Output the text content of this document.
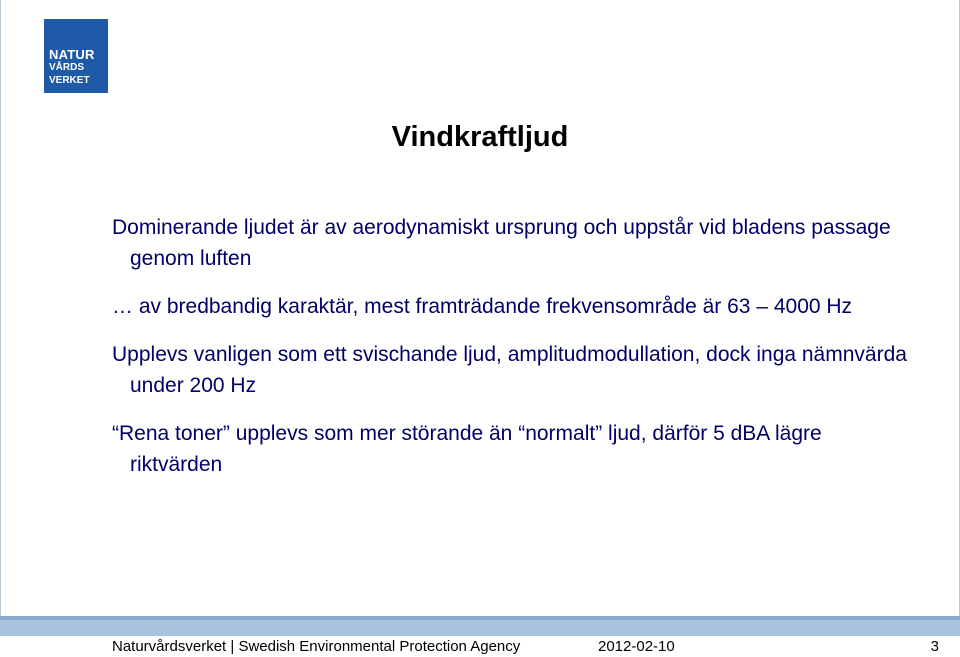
NATUR
VÅRDS
VERKET
Vindkraftljud
Dominerande ljudet är av aerodynamiskt ursprung och uppstår vid bladens passage genom luften
… av bredbandig karaktär, mest framträdande frekvensområde är 63 – 4000 Hz
Upplevs vanligen som ett svischande ljud, amplitudmodullation, dock inga nämnvärda under 200 Hz
“Rena toner” upplevs som mer störande än “normalt” ljud, därför 5 dBA lägre riktvärden
Naturvårdsverket | Swedish Environmental Protection Agency	2012-02-10	3
